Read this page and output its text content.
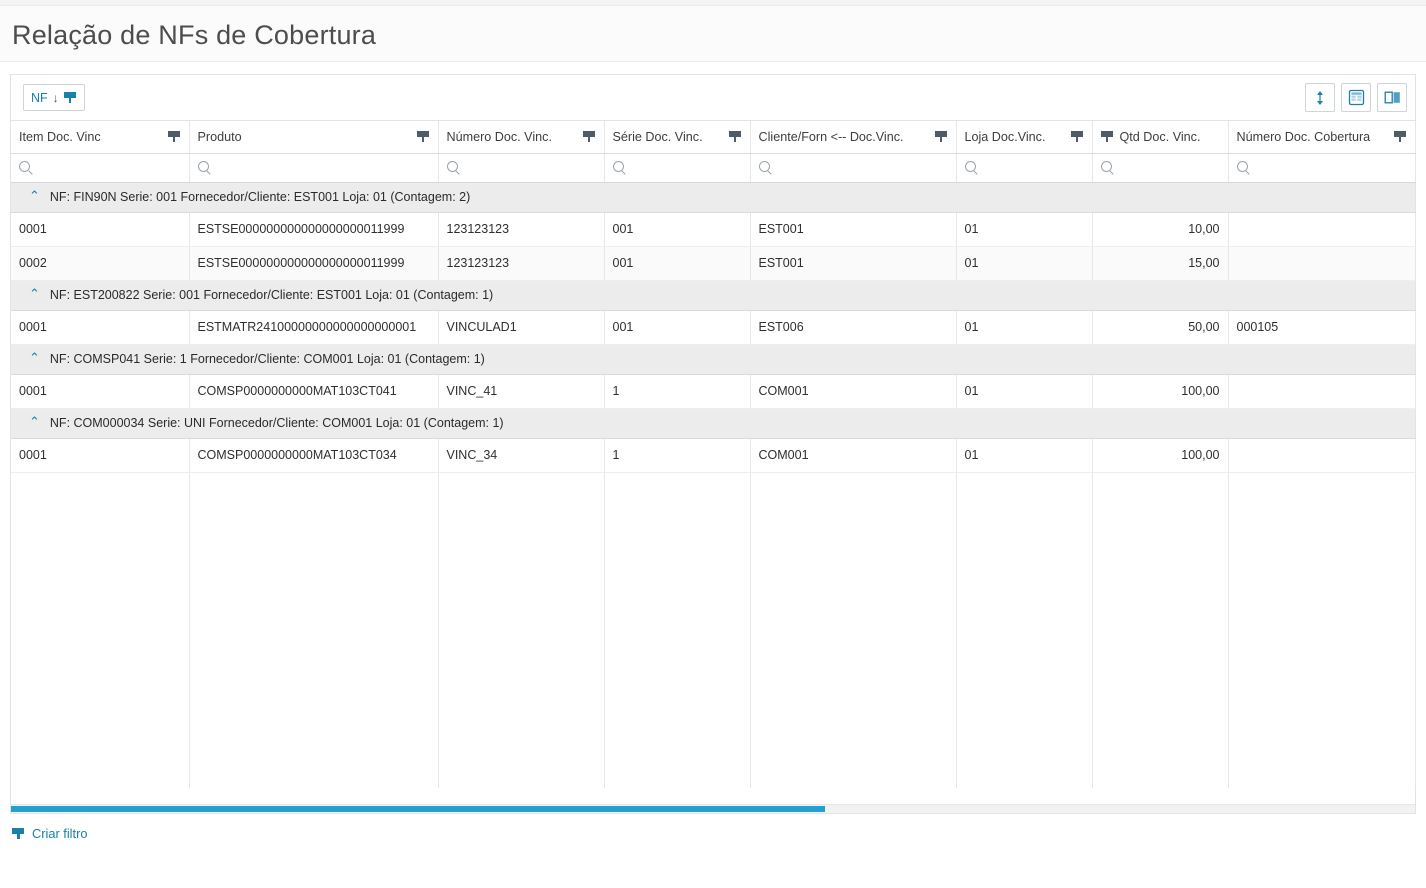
Relação de NFs de Cobertura
NF ↓
Item Doc. Vinc	Produto	Número Doc. Vinc.	Série Doc. Vinc.	Cliente/Forn <-- Doc.Vinc.	Loja Doc.Vinc.	Qtd Doc. Vinc.	Número Doc. Cobertura

⌃ NF: FIN90N Serie: 001 Fornecedor/Cliente: EST001 Loja: 01 (Contagem: 2)							
0001	ESTSE000000000000000000011999	123123123	001	EST001	01	10,00	
0002	ESTSE000000000000000000011999	123123123	001	EST001	01	15,00	
⌃ NF: EST200822 Serie: 001 Fornecedor/Cliente: EST001 Loja: 01 (Contagem: 1)							
0001	ESTMATR24100000000000000000001	VINCULAD1	001	EST006	01	50,00	000105
⌃ NF: COMSP041 Serie: 1 Fornecedor/Cliente: COM001 Loja: 01 (Contagem: 1)							
0001	COMSP0000000000MAT103CT041	VINC_41	1	COM001	01	100,00	
⌃ NF: COM000034 Serie: UNI Fornecedor/Cliente: COM001 Loja: 01 (Contagem: 1)							
0001	COMSP0000000000MAT103CT034	VINC_34	1	COM001	01	100,00	

Criar filtro
